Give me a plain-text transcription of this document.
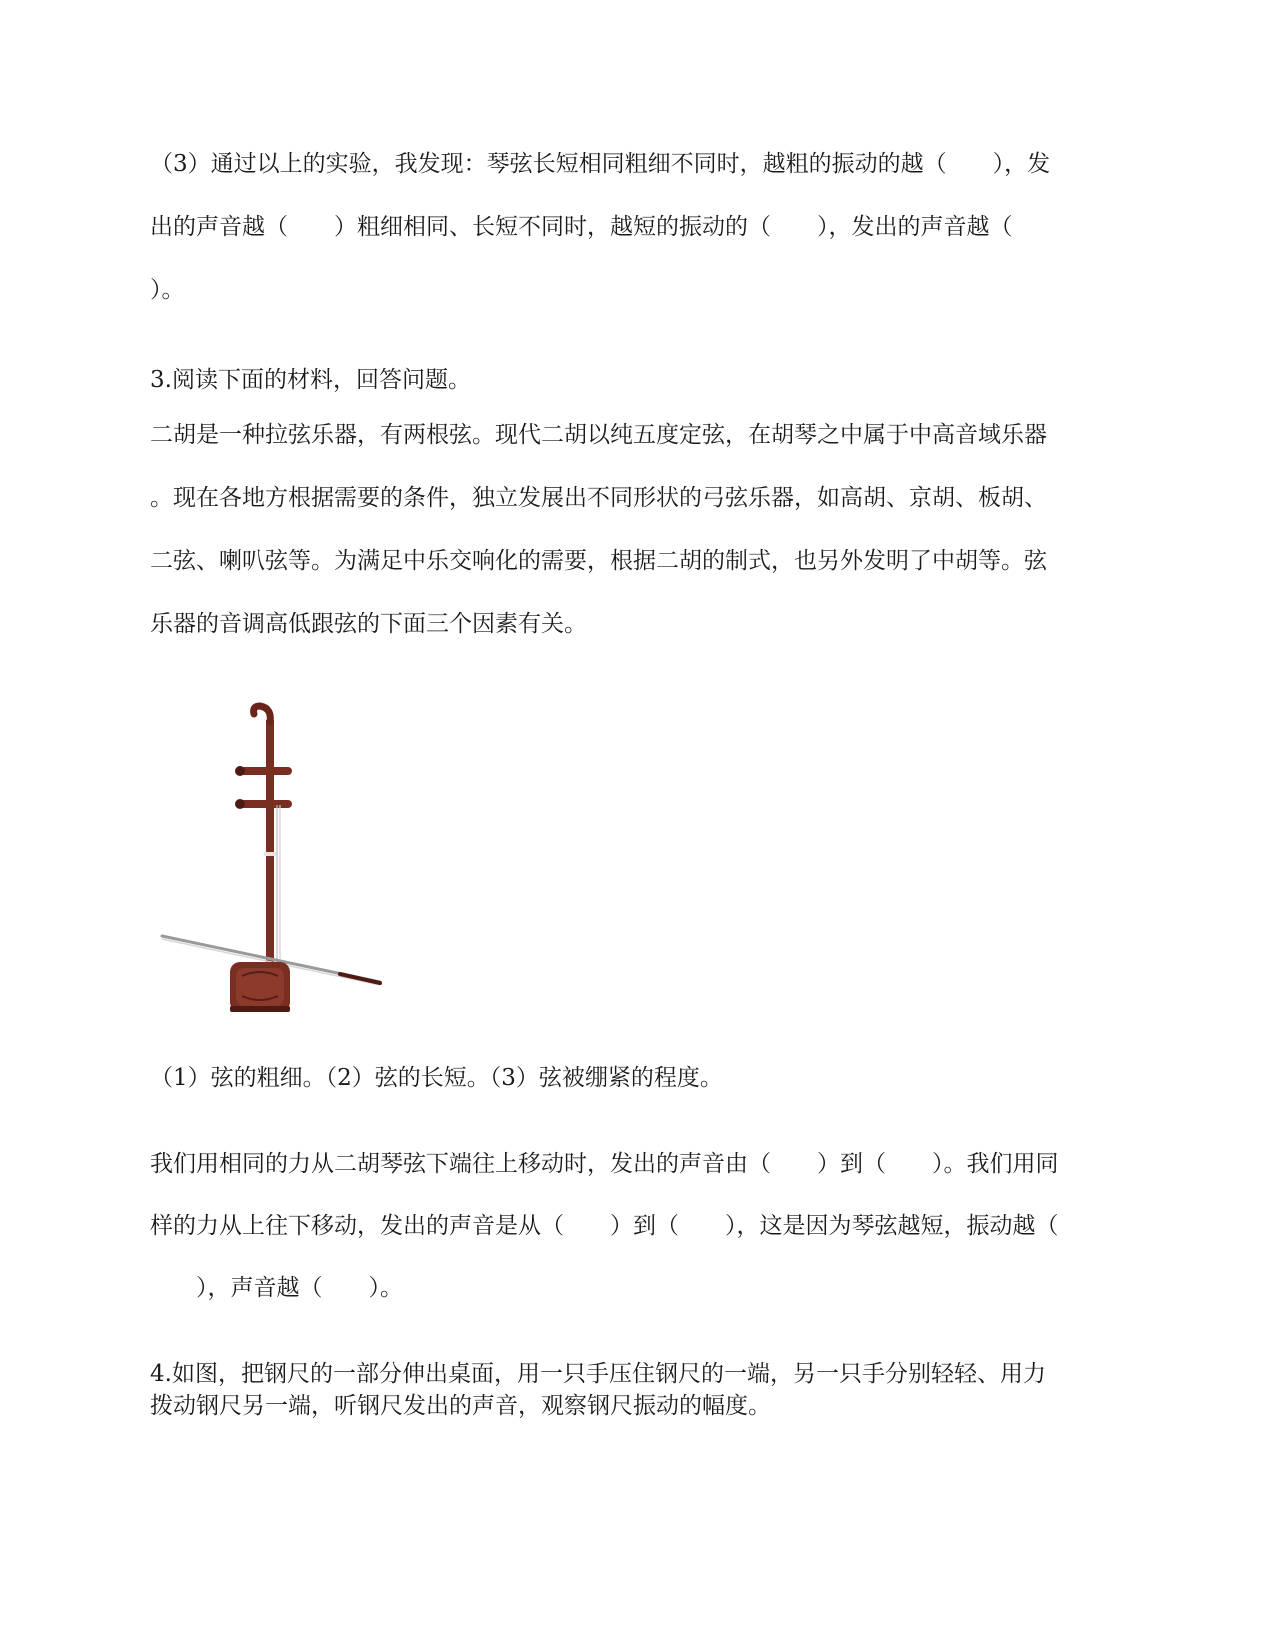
（3）通过以上的实验，我发现：琴弦长短相同粗细不同时，越粗的振动的越（　　），发

出的声音越（　　）粗细相同、长短不同时，越短的振动的（　　），发出的声音越（

）。

3.阅读下面的材料，回答问题。

二胡是一种拉弦乐器，有两根弦。现代二胡以纯五度定弦，在胡琴之中属于中高音域乐器

。现在各地方根据需要的条件，独立发展出不同形状的弓弦乐器，如高胡、京胡、板胡、

二弦、喇叭弦等。为满足中乐交响化的需要，根据二胡的制式，也另外发明了中胡等。弦

乐器的音调高低跟弦的下面三个因素有关。

（1）弦的粗细。（2）弦的长短。（3）弦被绷紧的程度。

我们用相同的力从二胡琴弦下端往上移动时，发出的声音由（　　）到（　　）。我们用同

样的力从上往下移动，发出的声音是从（　　）到（　　），这是因为琴弦越短，振动越（

　　），声音越（　　）。

4.如图，把钢尺的一部分伸出桌面，用一只手压住钢尺的一端，另一只手分别轻轻、用力

拨动钢尺另一端，听钢尺发出的声音，观察钢尺振动的幅度。
